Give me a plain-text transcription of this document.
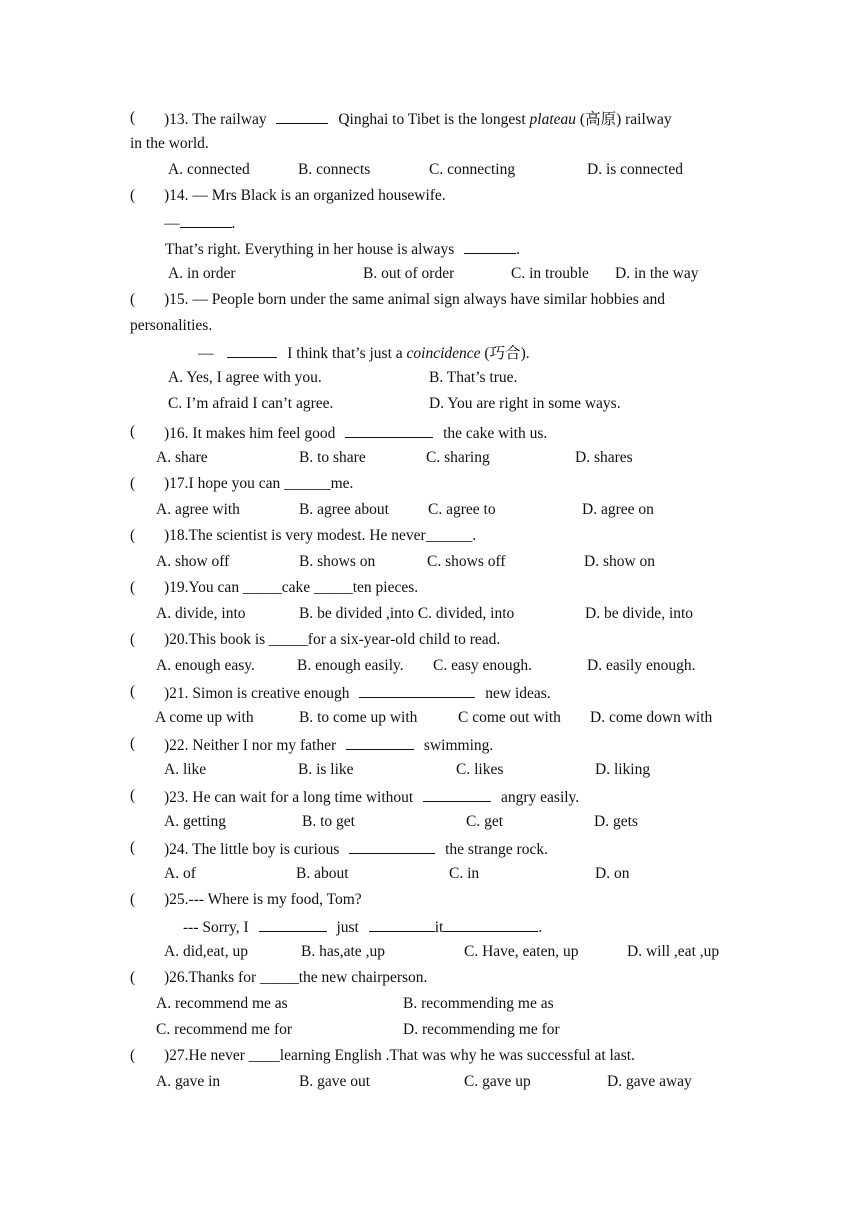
( )13. The railway	Qinghai to Tibet is the longest plateau (高原) railway
in the world.
A. connected	B. connects	C. connecting	D. is connected
( )14. — Mrs Black is an organized housewife.
—	.
That’s right. Everything in her house is always	.
A. in order	B. out of order	C. in trouble D. in the way
( )15. — People born under the same animal sign always have similar hobbies and
personalities.
—	I think that’s just a coincidence (巧合).
A. Yes, I agree with you.	B. That’s true.
C. I’m afraid I can’t agree.	D. You are right in some ways.
( )16. It makes him feel good	the cake with us.
A. share	B. to share	C. sharing	D. shares
( )17.I hope you can ______me.
A. agree with	B. agree about	C. agree to	D. agree on
( )18.The scientist is very modest. He never______.
A. show off	B. shows on	C. shows off	D. show on
( )19.You can _____cake _____ten pieces.
A. divide, into	B. be divided ,into C. divided, into	D. be divide, into
( )20.This book is _____for a six-year-old child to read.
A. enough easy.	B. enough easily. C. easy enough.	D. easily enough.
( )21. Simon is creative enough	new ideas.
A come up with	B. to come up with	C come out with D. come down with
( )22. Neither I nor my father	swimming.
A. like	B. is like	C. likes	D. liking
( )23. He can wait for a long time without	angry easily.
A. getting	B. to get	C. get	D. gets
( )24. The little boy is curious	the strange rock.
A. of	B. about	C. in	D. on
( )25.--- Where is my food, Tom?
--- Sorry, I	just	it	.
A. did,eat, up	B. has,ate ,up	C. Have, eaten, up	D. will ,eat ,up
( )26.Thanks for _____the new chairperson.
A. recommend me as	B. recommending me as
C. recommend me for	D. recommending me for
( )27.He never ____learning English .That was why he was successful at last.
A. gave in	B. gave out	C. gave up	D. gave away
